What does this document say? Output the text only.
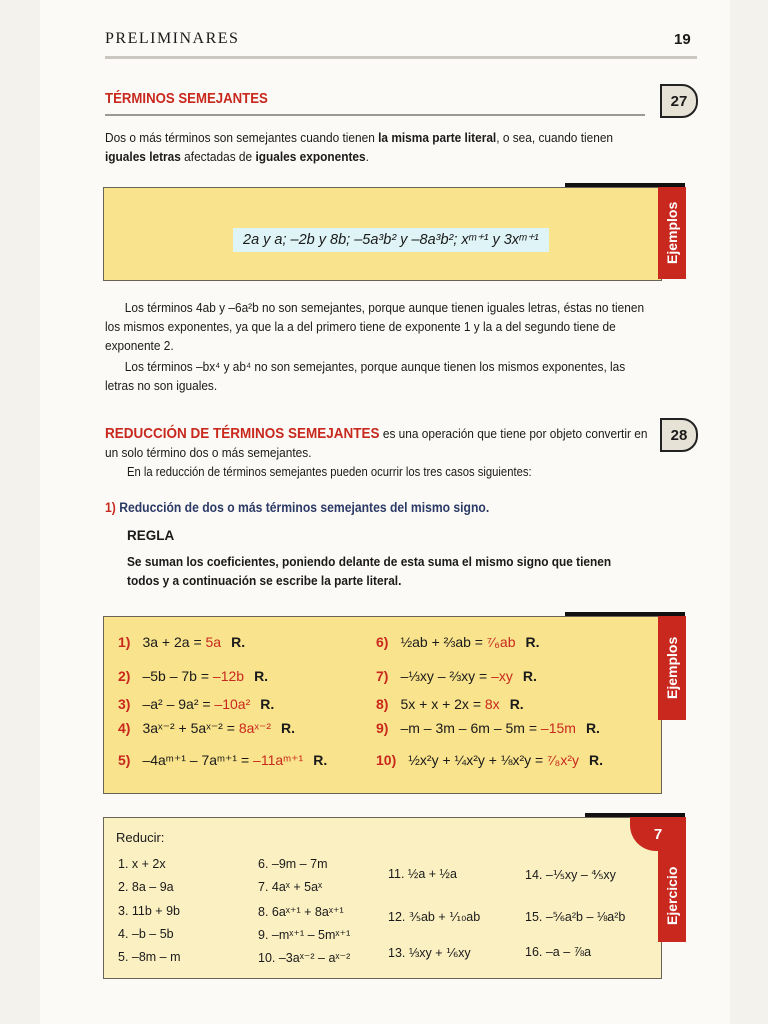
PRELIMINARES	19
TÉRMINOS SEMEJANTES	27
Dos o más términos son semejantes cuando tienen la misma parte literal, o sea, cuando tienen iguales letras afectadas de iguales exponentes.
Ejemplos
2a y a; –2b y 8b; –5a³b² y –8a³b²; xᵐ⁺¹ y 3xᵐ⁺¹
Los términos 4ab y –6a²b no son semejantes, porque aunque tienen iguales letras, éstas no tienen los mismos exponentes, ya que la a del primero tiene de exponente 1 y la a del segundo tiene de exponente 2.
Los términos –bx⁴ y ab⁴ no son semejantes, porque aunque tienen los mismos exponentes, las letras no son iguales.
28
REDUCCIÓN DE TÉRMINOS SEMEJANTES es una operación que tiene por objeto convertir en un solo término dos o más semejantes.
En la reducción de términos semejantes pueden ocurrir los tres casos siguientes:
1) Reducción de dos o más términos semejantes del mismo signo.
REGLA
Se suman los coeficientes, poniendo delante de esta suma el mismo signo que tienen todos y a continuación se escribe la parte literal.
Ejemplos
1) 3a + 2a = 5a R.
2) –5b – 7b = –12b R.
3) –a² – 9a² = –10a² R.
4) 3aˣ⁻² + 5aˣ⁻² = 8aˣ⁻² R.
5) –4aᵐ⁺¹ – 7aᵐ⁺¹ = –11aᵐ⁺¹ R.
6) ½ab + ⅔ab = ⁷⁄₆ab R.
7) –⅓xy – ⅔xy = –xy R.
8) 5x + x + 2x = 8x R.
9) –m – 3m – 6m – 5m = –15m R.
10) ½x²y + ¼x²y + ⅛x²y = ⁷⁄₈x²y R.
Ejercicio
7
Reducir:
1. x + 2x
2. 8a – 9a
3. 11b + 9b
4. –b – 5b
5. –8m – m
6. –9m – 7m
7. 4aˣ + 5aˣ
8. 6aˣ⁺¹ + 8aˣ⁺¹
9. –mˣ⁺¹ – 5mˣ⁺¹
10. –3aˣ⁻² – aˣ⁻²
11. ½a + ½a
12. ⅗ab + ⅒ab
13. ⅓xy + ⅙xy
14. –⅕xy – ⅘xy
15. –⅚a²b – ⅛a²b
16. –a – ⅞a
